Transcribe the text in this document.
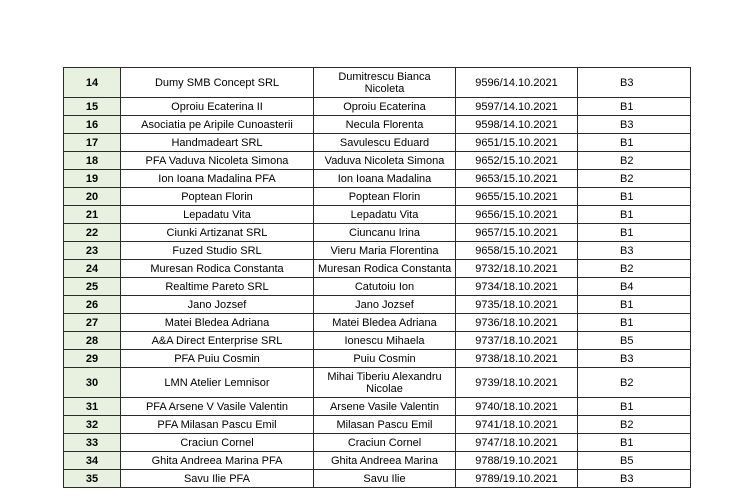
14	Dumy SMB Concept SRL	Dumitrescu Bianca Nicoleta	9596/14.10.2021	B3
15	Oproiu Ecaterina II	Oproiu Ecaterina	9597/14.10.2021	B1
16	Asociatia pe Aripile Cunoasterii	Necula Florenta	9598/14.10.2021	B3
17	Handmadeart SRL	Savulescu Eduard	9651/15.10.2021	B1
18	PFA Vaduva Nicoleta Simona	Vaduva Nicoleta Simona	9652/15.10.2021	B2
19	Ion Ioana Madalina PFA	Ion Ioana Madalina	9653/15.10.2021	B2
20	Poptean Florin	Poptean Florin	9655/15.10.2021	B1
21	Lepadatu Vita	Lepadatu Vita	9656/15.10.2021	B1
22	Ciunki Artizanat SRL	Ciuncanu Irina	9657/15.10.2021	B1
23	Fuzed Studio SRL	Vieru Maria Florentina	9658/15.10.2021	B3
24	Muresan Rodica Constanta	Muresan Rodica Constanta	9732/18.10.2021	B2
25	Realtime Pareto SRL	Catutoiu Ion	9734/18.10.2021	B4
26	Jano Jozsef	Jano Jozsef	9735/18.10.2021	B1
27	Matei Bledea Adriana	Matei Bledea Adriana	9736/18.10.2021	B1
28	A&A Direct Enterprise SRL	Ionescu Mihaela	9737/18.10.2021	B5
29	PFA Puiu Cosmin	Puiu Cosmin	9738/18.10.2021	B3
30	LMN Atelier Lemnisor	Mihai Tiberiu Alexandru Nicolae	9739/18.10.2021	B2
31	PFA Arsene V Vasile Valentin	Arsene Vasile Valentin	9740/18.10.2021	B1
32	PFA Milasan Pascu Emil	Milasan Pascu Emil	9741/18.10.2021	B2
33	Craciun Cornel	Craciun Cornel	9747/18.10.2021	B1
34	Ghita Andreea Marina PFA	Ghita Andreea Marina	9788/19.10.2021	B5
35	Savu Ilie PFA	Savu Ilie	9789/19.10.2021	B3
